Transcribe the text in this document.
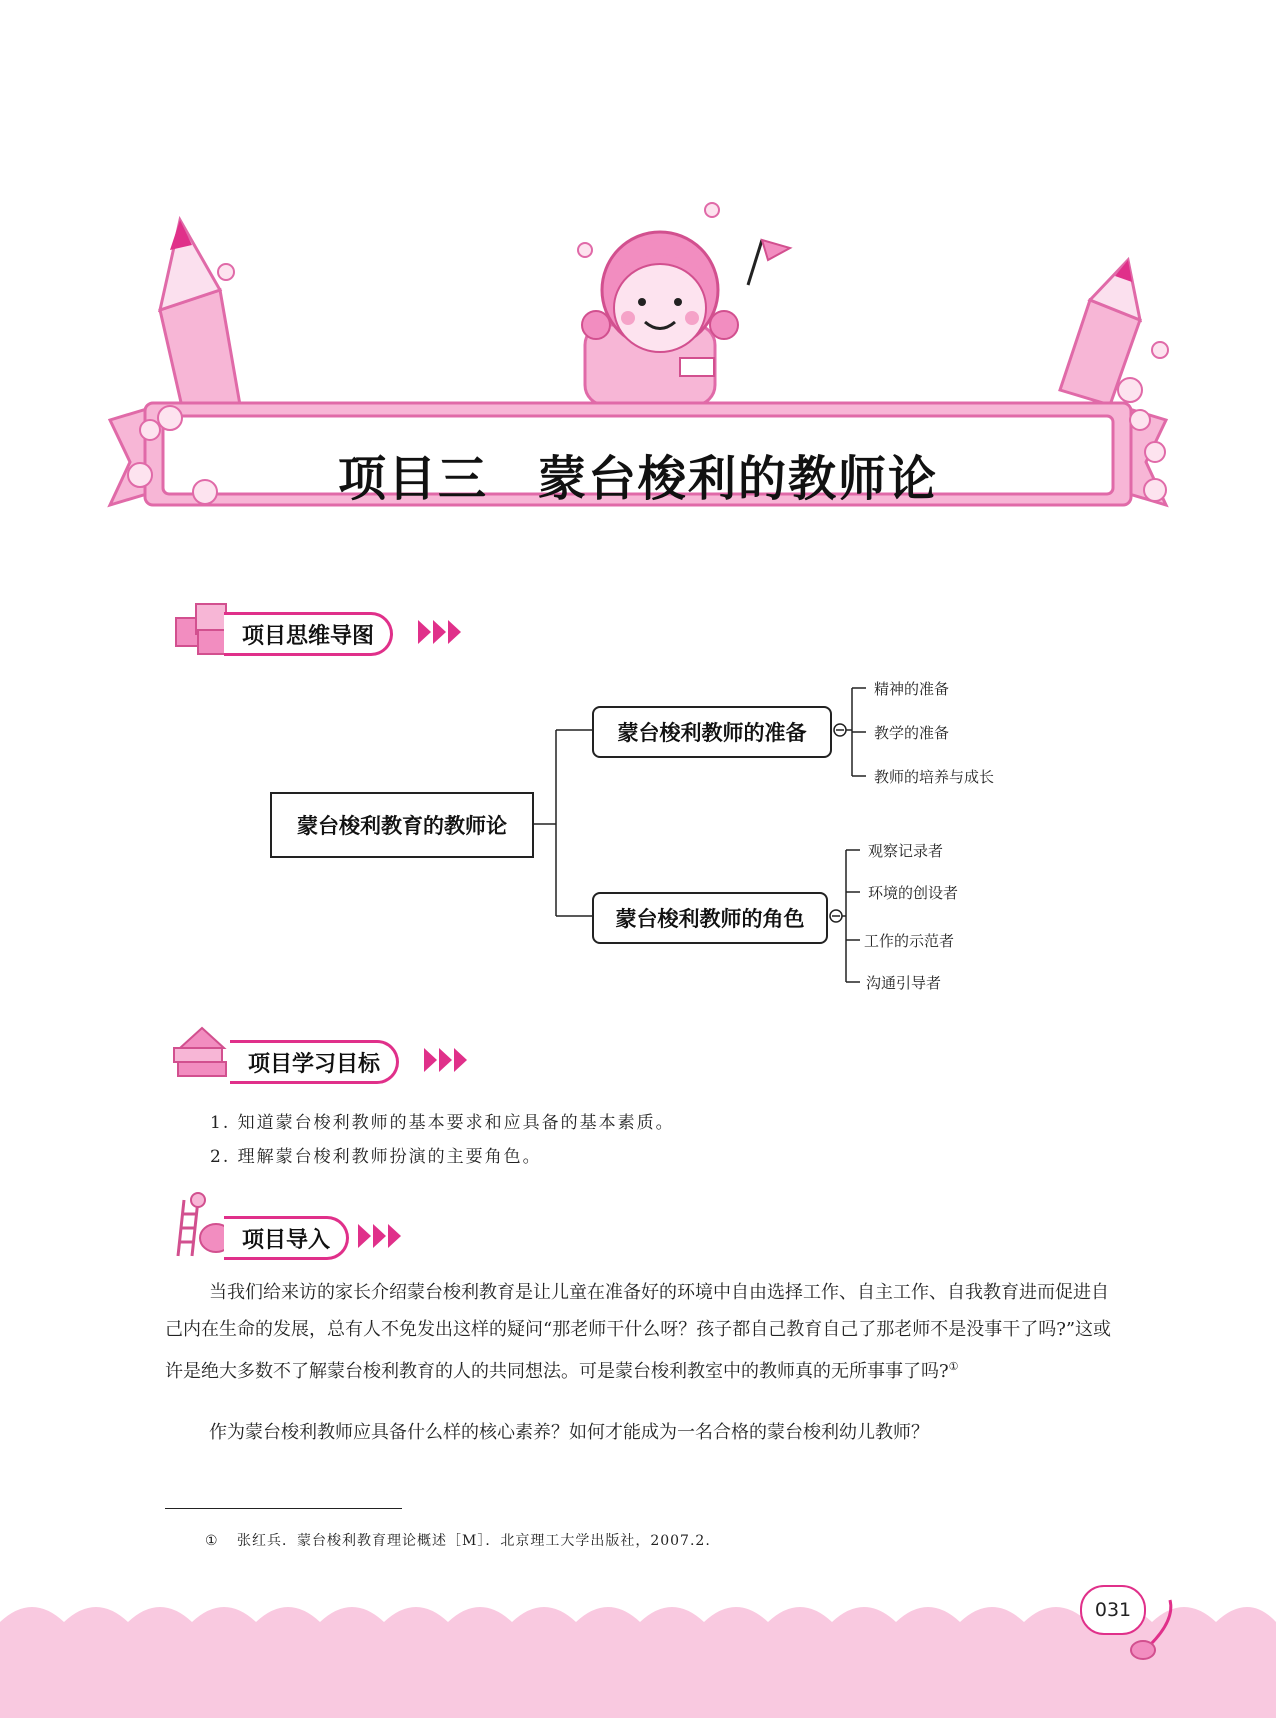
项目三　蒙台梭利的教师论
项目思维导图
蒙台梭利教育的教师论
蒙台梭利教师的准备
蒙台梭利教师的角色
精神的准备
教学的准备
教师的培养与成长
观察记录者
环境的创设者
工作的示范者
沟通引导者
项目学习目标
1. 知道蒙台梭利教师的基本要求和应具备的基本素质。
2. 理解蒙台梭利教师扮演的主要角色。
项目导入
当我们给来访的家长介绍蒙台梭利教育是让儿童在准备好的环境中自由选择工作、自主工作、自我教育进而促进自己内在生命的发展，总有人不免发出这样的疑问“那老师干什么呀？孩子都自己教育自己了那老师不是没事干了吗?”这或许是绝大多数不了解蒙台梭利教育的人的共同想法。可是蒙台梭利教室中的教师真的无所事事了吗?①
作为蒙台梭利教师应具备什么样的核心素养？如何才能成为一名合格的蒙台梭利幼儿教师？
① 张红兵．蒙台梭利教育理论概述［M］．北京理工大学出版社，2007.2.
031
